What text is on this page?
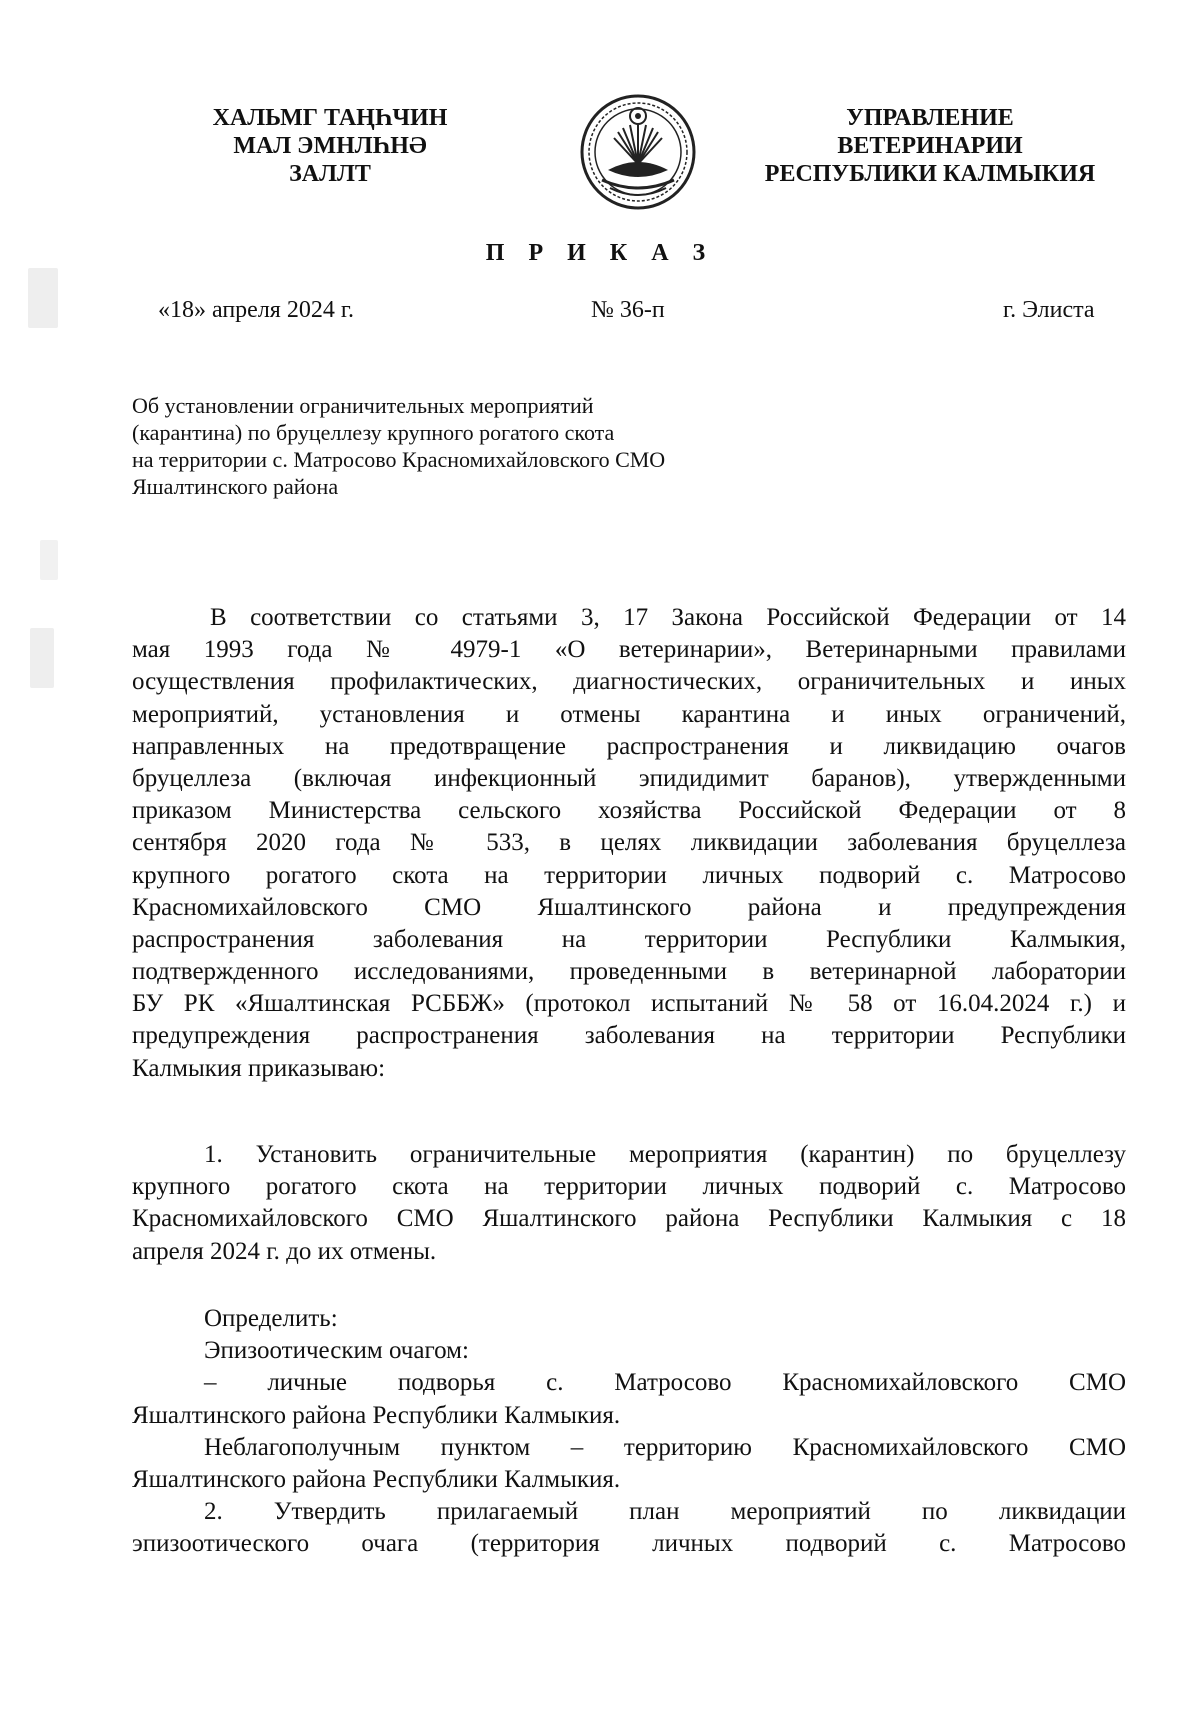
ХАЛЬМГ ТАҢҺЧИН
МАЛ ЭМНЛҺНӘ
ЗАЛЛТ
УПРАВЛЕНИЕ
ВЕТЕРИНАРИИ
РЕСПУБЛИКИ КАЛМЫКИЯ
П Р И К А З
«18» апреля 2024 г.	№ 36-п	г. Элиста
Об установлении ограничительных мероприятий
(карантина) по бруцеллезу крупного рогатого скота
на территории с. Матросово Красномихайловского СМО
Яшалтинского района
В соответствии со статьями 3, 17 Закона Российской Федерации от 14
мая 1993 года № 4979-1 «О ветеринарии», Ветеринарными правилами
осуществления профилактических, диагностических, ограничительных и иных
мероприятий, установления и отмены карантина и иных ограничений,
направленных на предотвращение распространения и ликвидацию очагов
бруцеллеза (включая инфекционный эпидидимит баранов), утвержденными
приказом Министерства сельского хозяйства Российской Федерации от 8
сентября 2020 года № 533, в целях ликвидации заболевания бруцеллеза
крупного рогатого скота на территории личных подворий с. Матросово
Красномихайловского СМО Яшалтинского района и предупреждения
распространения заболевания на территории Республики Калмыкия,
подтвержденного исследованиями, проведенными в ветеринарной лаборатории
БУ РК «Яшалтинская РСББЖ» (протокол испытаний № 58 от 16.04.2024 г.) и
предупреждения распространения заболевания на территории Республики
Калмыкия приказываю:
1. Установить ограничительные мероприятия (карантин) по бруцеллезу
крупного рогатого скота на территории личных подворий с. Матросово
Красномихайловского СМО Яшалтинского района Республики Калмыкия с 18
апреля 2024 г. до их отмены.
Определить:
Эпизоотическим очагом:
– личные подворья с. Матросово Красномихайловского СМО
Яшалтинского района Республики Калмыкия.
Неблагополучным пунктом – территорию Красномихайловского СМО
Яшалтинского района Республики Калмыкия.
2. Утвердить прилагаемый план мероприятий по ликвидации
эпизоотического очага (территория личных подворий с. Матросово
